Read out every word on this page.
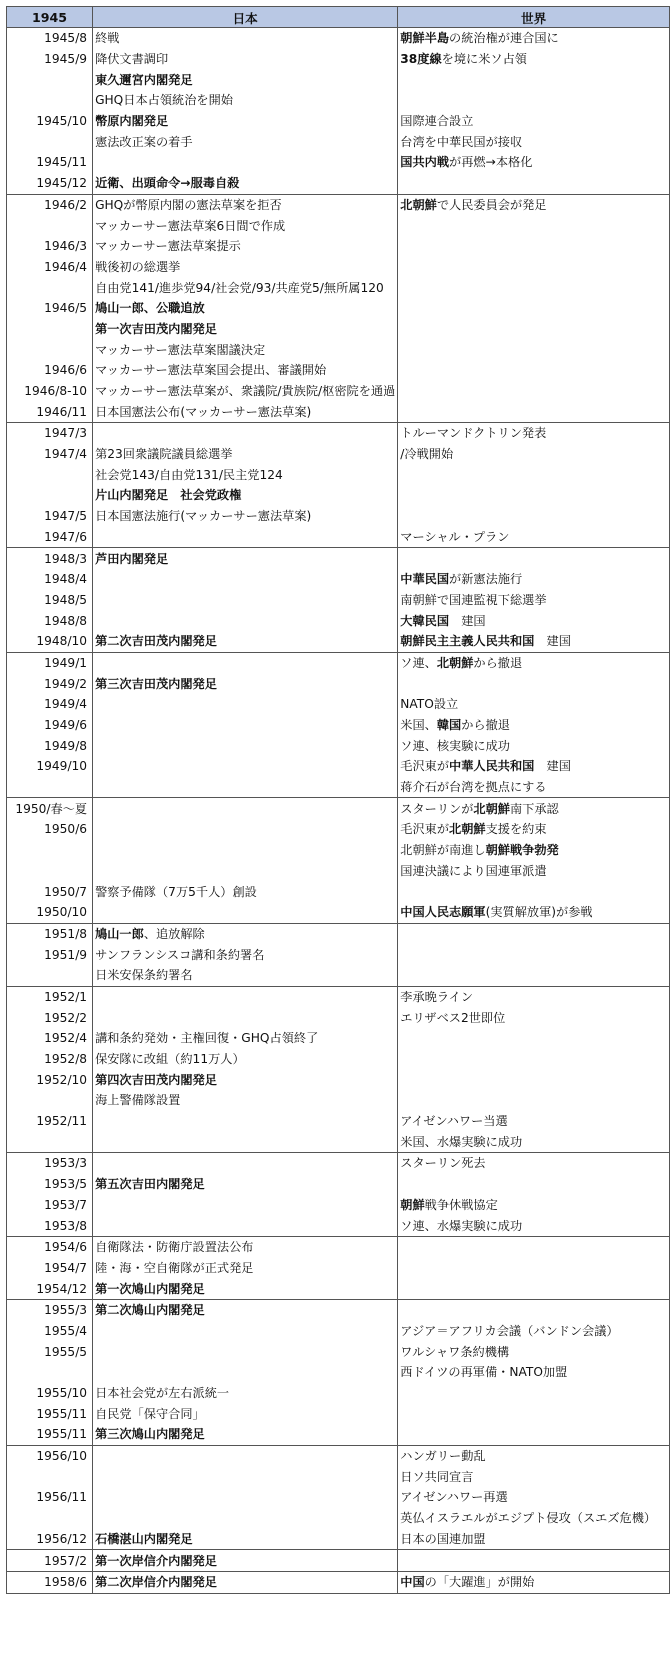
1945	日本	世界
1945/8	終戦	朝鮮半島の統治権が連合国に
1945/9	降伏文書調印	38度線を境に米ソ占領
	東久邇宮内閣発足	
	GHQ日本占領統治を開始	
1945/10	幣原内閣発足	国際連合設立
	憲法改正案の着手	台湾を中華民国が接収
1945/11		国共内戦が再燃→本格化
1945/12	近衛、出頭命令→服毒自殺	
1946/2	GHQが幣原内閣の憲法草案を拒否	北朝鮮で人民委員会が発足
	マッカーサー憲法草案6日間で作成	
1946/3	マッカーサー憲法草案提示	
1946/4	戦後初の総選挙	
	自由党141/進歩党94/社会党/93/共産党5/無所属120	
1946/5	鳩山一郎、公職追放	
	第一次吉田茂内閣発足	
	マッカーサー憲法草案閣議決定	
1946/6	マッカーサー憲法草案国会提出、審議開始	
1946/8-10	マッカーサー憲法草案が、衆議院/貴族院/枢密院を通過	
1946/11	日本国憲法公布(マッカーサー憲法草案)	
1947/3		トルーマンドクトリン発表
1947/4	第23回衆議院議員総選挙	/冷戦開始
	社会党143/自由党131/民主党124	
	片山内閣発足　社会党政権	
1947/5	日本国憲法施行(マッカーサー憲法草案)	
1947/6		マーシャル・プラン
1948/3	芦田内閣発足	
1948/4		中華民国が新憲法施行
1948/5		南朝鮮で国連監視下総選挙
1948/8		大韓民国　建国
1948/10	第二次吉田茂内閣発足	朝鮮民主主義人民共和国　建国
1949/1		ソ連、北朝鮮から撤退
1949/2	第三次吉田茂内閣発足	
1949/4		NATO設立
1949/6		米国、韓国から撤退
1949/8		ソ連、核実験に成功
1949/10		毛沢東が中華人民共和国　建国
		蒋介石が台湾を拠点にする
1950/春～夏		スターリンが北朝鮮南下承認
1950/6		毛沢東が北朝鮮支援を約束
		北朝鮮が南進し朝鮮戦争勃発
		国連決議により国連軍派遣
1950/7	警察予備隊（7万5千人）創設	
1950/10		中国人民志願軍(実質解放軍)が参戦
1951/8	鳩山一郎、追放解除	
1951/9	サンフランシスコ講和条約署名	
	日米安保条約署名	
1952/1		李承晩ライン
1952/2		エリザベス2世即位
1952/4	講和条約発効・主権回復・GHQ占領終了	
1952/8	保安隊に改組（約11万人）	
1952/10	第四次吉田茂内閣発足	
	海上警備隊設置	
1952/11		アイゼンハワー当選
		米国、水爆実験に成功
1953/3		スターリン死去
1953/5	第五次吉田内閣発足	
1953/7		朝鮮戦争休戦協定
1953/8		ソ連、水爆実験に成功
1954/6	自衛隊法・防衛庁設置法公布	
1954/7	陸・海・空自衛隊が正式発足	
1954/12	第一次鳩山内閣発足	
1955/3	第二次鳩山内閣発足	
1955/4		アジア＝アフリカ会議（バンドン会議）
1955/5		ワルシャワ条約機構
		西ドイツの再軍備・NATO加盟
1955/10	日本社会党が左右派統一	
1955/11	自民党「保守合同」	
1955/11	第三次鳩山内閣発足	
1956/10		ハンガリー動乱
		日ソ共同宣言
1956/11		アイゼンハワー再選
		英仏イスラエルがエジプト侵攻（スエズ危機）
1956/12	石橋湛山内閣発足	日本の国連加盟
1957/2	第一次岸信介内閣発足	
1958/6	第二次岸信介内閣発足	中国の「大躍進」が開始
